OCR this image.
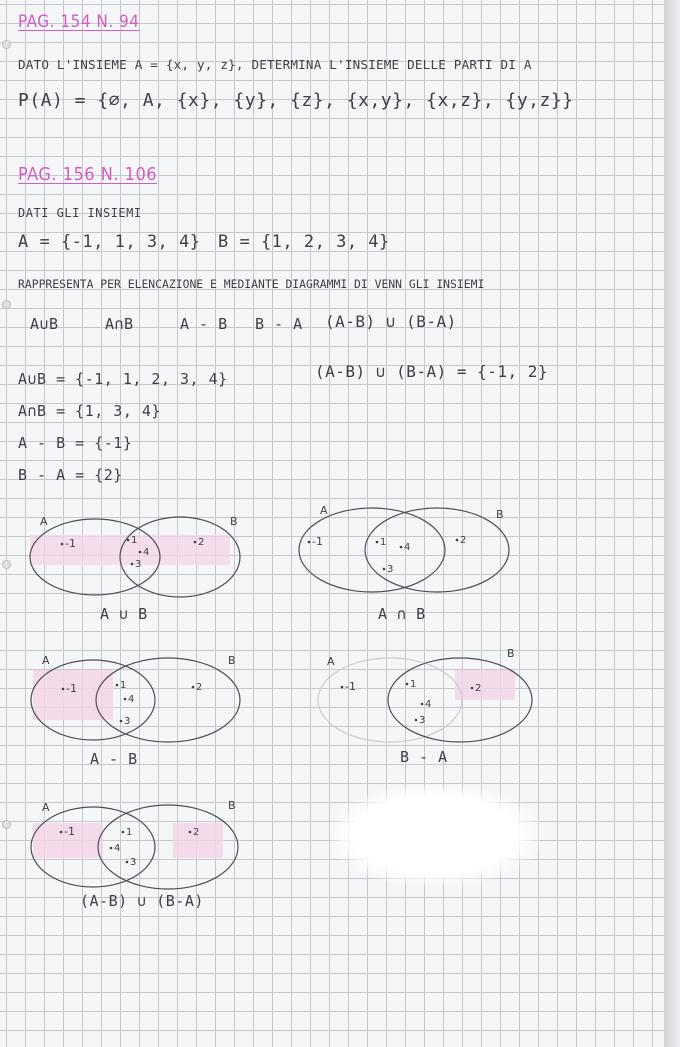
PAG. 154 N. 94
DATO L'INSIEME A = {x, y, z}, DETERMINA L'INSIEME DELLE PARTI DI A
P(A) = {∅, A, {x}, {y}, {z}, {x,y}, {x,z}, {y,z}}
PAG. 156 N. 106
DATI GLI INSIEMI
A = {-1, 1, 3, 4} B = {1, 2, 3, 4}
RAPPRESENTA PER ELENCAZIONE E MEDIANTE DIAGRAMMI DI VENN GLI INSIEMI
A∪B	A∩B	A - B B - A (A-B) ∪ (B-A)
A∪B = {-1, 1, 2, 3, 4}
A∩B = {1, 3, 4}
A - B = {-1}
B - A = {2}
(A-B) ∪ (B-A) = {-1, 2}
A	B
-1	1
4
3
2
A ∪ B
A	B
-1	1 4
3
2
A ∩ B
A	B
-1	1
4
3
2
A - B
A
B
-1	1
4
3
2
B - A
A	B
-1	1
4
3
2
(A-B) ∪ (B-A)
